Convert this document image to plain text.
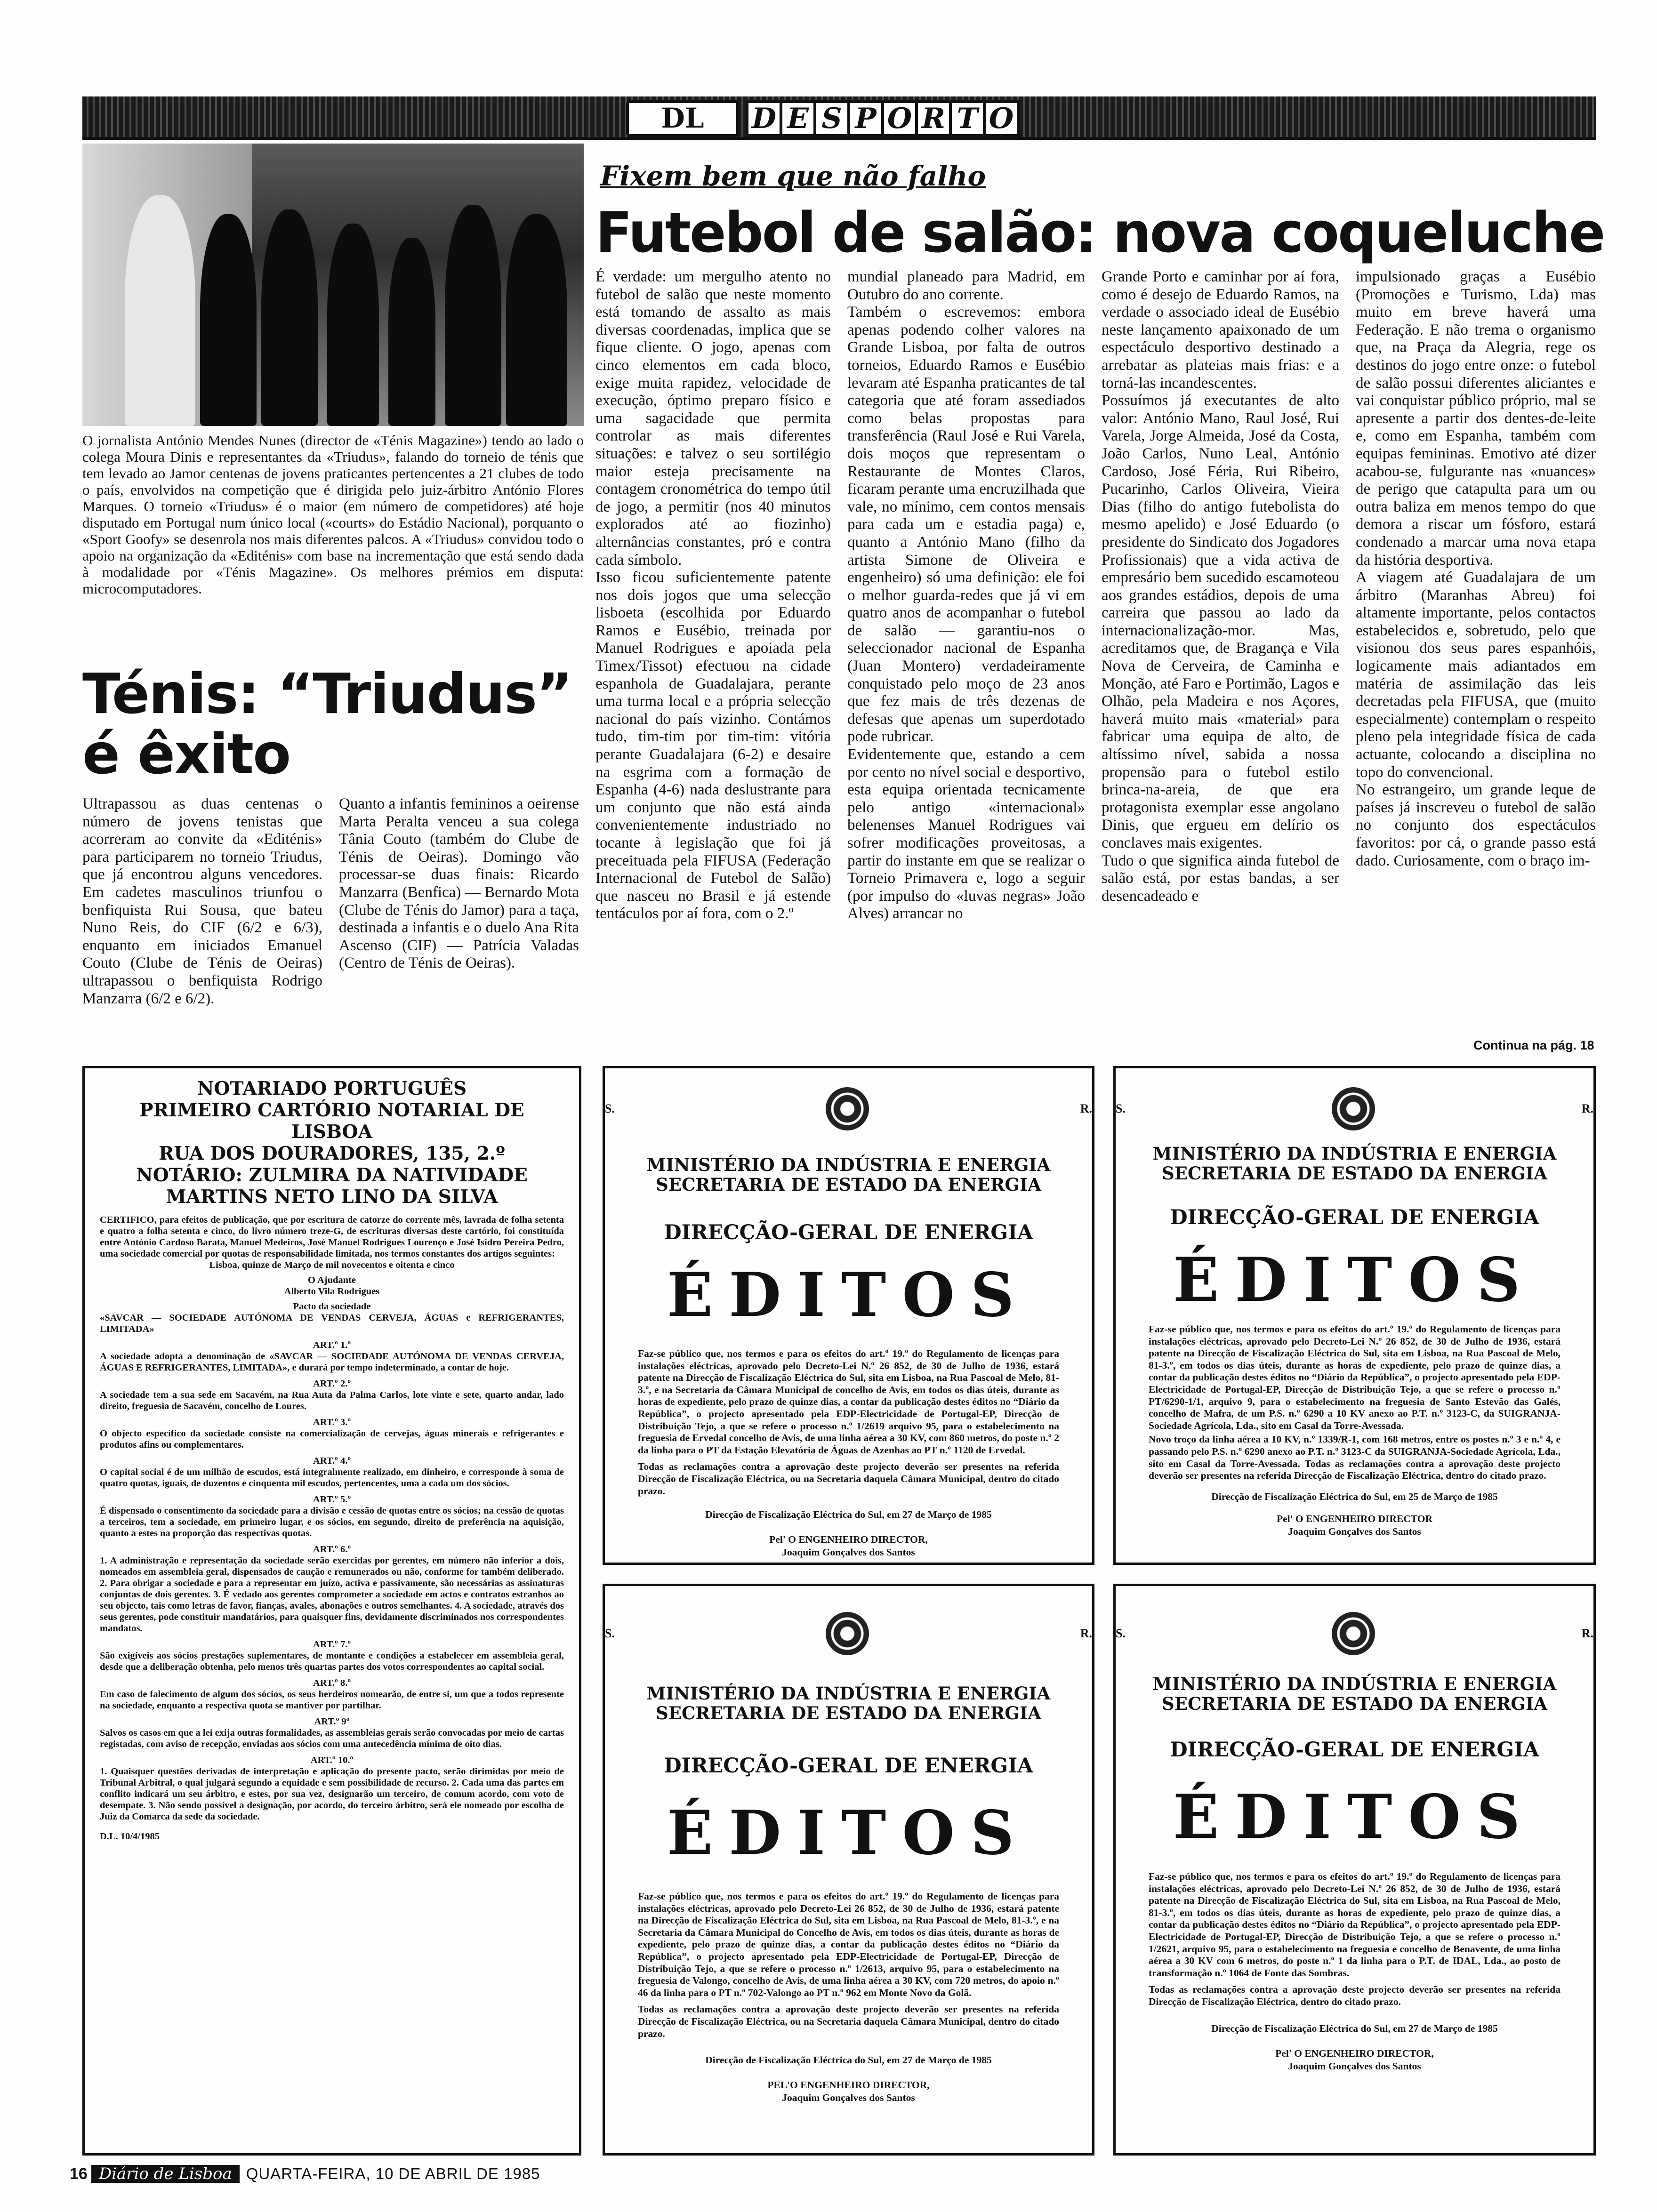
DL	D E S P O R T O
O jornalista António Mendes Nunes (director de «Ténis Magazine») tendo ao lado o colega Moura Dinis e representantes da «Triudus», falando do torneio de ténis que tem levado ao Jamor centenas de jovens praticantes pertencentes a 21 clubes de todo o país, envolvidos na competição que é dirigida pelo juiz-árbitro António Flores Marques. O torneio «Triudus» é o maior (em número de competidores) até hoje disputado em Portugal num único local («courts» do Estádio Nacional), porquanto o «Sport Goofy» se desenrola nos mais diferentes palcos. A «Triudus» convidou todo o apoio na organização da «Editénis» com base na incrementação que está sendo dada à modalidade por «Ténis Magazine». Os melhores prémios em disputa: microcomputadores.
Ténis: “Triudus”
é êxito
Ultrapassou as duas centenas o número de jovens tenistas que acorreram ao convite da «Editénis» para participarem no torneio Triudus, que já encontrou alguns vencedores. Em cadetes masculinos triunfou o benfiquista Rui Sousa, que bateu Nuno Reis, do CIF (6/2 e 6/3), enquanto em iniciados Emanuel Couto (Clube de Ténis de Oeiras) ultrapassou o benfiquista Rodrigo Manzarra (6/2 e 6/2).
Quanto a infantis femininos a oeirense Marta Peralta venceu a sua colega Tânia Couto (também do Clube de Ténis de Oeiras). Domingo vão processar-se duas finais: Ricardo Manzarra (Benfica) — Bernardo Mota (Clube de Ténis do Jamor) para a taça, destinada a infantis e o duelo Ana Rita Ascenso (CIF) — Patrícia Valadas (Centro de Ténis de Oeiras).
Fixem bem que não falho
Futebol de salão: nova coqueluche
É verdade: um mergulho atento no futebol de salão que neste momento está tomando de assalto as mais diversas coordenadas, implica que se fique cliente. O jogo, apenas com cinco elementos em cada bloco, exige muita rapidez, velocidade de execução, óptimo preparo físico e uma sagacidade que permita controlar as mais diferentes situações: e talvez o seu sortilégio maior esteja precisamente na contagem cronométrica do tempo útil de jogo, a permitir (nos 40 minutos explorados até ao fiozinho) alternâncias constantes, pró e contra cada símbolo.
Isso ficou suficientemente patente nos dois jogos que uma selecção lisboeta (escolhida por Eduardo Ramos e Eusébio, treinada por Manuel Rodrigues e apoiada pela Timex/Tissot) efectuou na cidade espanhola de Guadalajara, perante uma turma local e a própria selecção nacional do país vizinho. Contámos tudo, tim-tim por tim-tim: vitória perante Guadalajara (6-2) e desaire na esgrima com a formação de Espanha (4-6) nada deslustrante para um conjunto que não está ainda convenientemente industriado no tocante à legislação que foi já preceituada pela FIFUSA (Federação Internacional de Futebol de Salão) que nasceu no Brasil e já estende tentáculos por aí fora, com o 2.º
mundial planeado para Madrid, em Outubro do ano corrente.
Também o escrevemos: embora apenas podendo colher valores na Grande Lisboa, por falta de outros torneios, Eduardo Ramos e Eusébio levaram até Espanha praticantes de tal categoria que até foram assediados como belas propostas para transferência (Raul José e Rui Varela, dois moços que representam o Restaurante de Montes Claros, ficaram perante uma encruzilhada que vale, no mínimo, cem contos mensais para cada um e estadia paga) e, quanto a António Mano (filho da artista Simone de Oliveira e engenheiro) só uma definição: ele foi o melhor guarda-redes que já vi em quatro anos de acompanhar o futebol de salão — garantiu-nos o seleccionador nacional de Espanha (Juan Montero) verdadeiramente conquistado pelo moço de 23 anos que fez mais de três dezenas de defesas que apenas um superdotado pode rubricar.
Evidentemente que, estando a cem por cento no nível social e desportivo, esta equipa orientada tecnicamente pelo antigo «internacional» belenenses Manuel Rodrigues vai sofrer modificações proveitosas, a partir do instante em que se realizar o Torneio Primavera e, logo a seguir (por impulso do «luvas negras» João Alves) arrancar no
Grande Porto e caminhar por aí fora, como é desejo de Eduardo Ramos, na verdade o associado ideal de Eusébio neste lançamento apaixonado de um espectáculo desportivo destinado a arrebatar as plateias mais frias: e a torná-las incandescentes.
Possuímos já executantes de alto valor: António Mano, Raul José, Rui Varela, Jorge Almeida, José da Costa, João Carlos, Nuno Leal, António Cardoso, José Féria, Rui Ribeiro, Pucarinho, Carlos Oliveira, Vieira Dias (filho do antigo futebolista do mesmo apelido) e José Eduardo (o presidente do Sindicato dos Jogadores Profissionais) que a vida activa de empresário bem sucedido escamoteou aos grandes estádios, depois de uma carreira que passou ao lado da internacionalização-mor. Mas, acreditamos que, de Bragança e Vila Nova de Cerveira, de Caminha e Monção, até Faro e Portimão, Lagos e Olhão, pela Madeira e nos Açores, haverá muito mais «material» para fabricar uma equipa de alto, de altíssimo nível, sabida a nossa propensão para o futebol estilo brinca-na-areia, de que era protagonista exemplar esse angolano Dinis, que ergueu em delírio os conclaves mais exigentes.
Tudo o que significa ainda futebol de salão está, por estas bandas, a ser desencadeado e
impulsionado graças a Eusébio (Promoções e Turismo, Lda) mas muito em breve haverá uma Federação. E não trema o organismo que, na Praça da Alegria, rege os destinos do jogo entre onze: o futebol de salão possui diferentes aliciantes e vai conquistar público próprio, mal se apresente a partir dos dentes-de-leite e, como em Espanha, também com equipas femininas. Emotivo até dizer acabou-se, fulgurante nas «nuances» de perigo que catapulta para um ou outra baliza em menos tempo do que demora a riscar um fósforo, estará condenado a marcar uma nova etapa da história desportiva.
A viagem até Guadalajara de um árbitro (Maranhas Abreu) foi altamente importante, pelos contactos estabelecidos e, sobretudo, pelo que visionou dos seus pares espanhóis, logicamente mais adiantados em matéria de assimilação das leis decretadas pela FIFUSA, que (muito especialmente) contemplam o respeito pleno pela integridade física de cada actuante, colocando a disciplina no topo do convencional.
No estrangeiro, um grande leque de países já inscreveu o futebol de salão no conjunto dos espectáculos favoritos: por cá, o grande passo está dado. Curiosamente, com o braço im-
Continua na pág. 18
NOTARIADO PORTUGUÊS
PRIMEIRO CARTÓRIO NOTARIAL DE LISBOA
RUA DOS DOURADORES, 135, 2.º
NOTÁRIO: ZULMIRA DA NATIVIDADE
MARTINS NETO LINO DA SILVA
CERTIFICO, para efeitos de publicação, que por escritura de catorze do corrente mês, lavrada de folha setenta e quatro a folha setenta e cinco, do livro número treze-G, de escrituras diversas deste cartório, foi constituída entre António Cardoso Barata, Manuel Medeiros, José Manuel Rodrigues Lourenço e José Isidro Pereira Pedro, uma sociedade comercial por quotas de responsabilidade limitada, nos termos constantes dos artigos seguintes:
Lisboa, quinze de Março de mil novecentos e oitenta e cinco
O Ajudante
Alberto Vila Rodrigues
Pacto da sociedade
«SAVCAR — SOCIEDADE AUTÓNOMA DE VENDAS CERVEJA, ÁGUAS e REFRIGERANTES, LIMITADA»
ART.º 1.º
A sociedade adopta a denominação de «SAVCAR — SOCIEDADE AUTÓNOMA DE VENDAS CERVEJA, ÁGUAS E REFRIGERANTES, LIMITADA», e durará por tempo indeterminado, a contar de hoje.
ART.º 2.º
A sociedade tem a sua sede em Sacavém, na Rua Auta da Palma Carlos, lote vinte e sete, quarto andar, lado direito, freguesia de Sacavém, concelho de Loures.
ART.º 3.º
O objecto específico da sociedade consiste na comercialização de cervejas, águas minerais e refrigerantes e produtos afins ou complementares.
ART.º 4.º
O capital social é de um milhão de escudos, está integralmente realizado, em dinheiro, e corresponde à soma de quatro quotas, iguais, de duzentos e cinquenta mil escudos, pertencentes, uma a cada um dos sócios.
ART.º 5.º
É dispensado o consentimento da sociedade para a divisão e cessão de quotas entre os sócios; na cessão de quotas a terceiros, tem a sociedade, em primeiro lugar, e os sócios, em segundo, direito de preferência na aquisição, quanto a estes na proporção das respectivas quotas.
ART.º 6.º
1. A administração e representação da sociedade serão exercidas por gerentes, em número não inferior a dois, nomeados em assembleia geral, dispensados de caução e remunerados ou não, conforme for também deliberado. 2. Para obrigar a sociedade e para a representar em juízo, activa e passivamente, são necessárias as assinaturas conjuntas de dois gerentes. 3. É vedado aos gerentes comprometer a sociedade em actos e contratos estranhos ao seu objecto, tais como letras de favor, fianças, avales, abonações e outros semelhantes. 4. A sociedade, através dos seus gerentes, pode constituir mandatários, para quaisquer fins, devidamente discriminados nos correspondentes mandatos.
ART.º 7.º
São exigíveis aos sócios prestações suplementares, de montante e condições a estabelecer em assembleia geral, desde que a deliberação obtenha, pelo menos três quartas partes dos votos correspondentes ao capital social.
ART.º 8.º
Em caso de falecimento de algum dos sócios, os seus herdeiros nomearão, de entre si, um que a todos represente na sociedade, enquanto a respectiva quota se mantiver por partilhar.
ART.º 9º
Salvos os casos em que a lei exija outras formalidades, as assembleias gerais serão convocadas por meio de cartas registadas, com aviso de recepção, enviadas aos sócios com uma antecedência mínima de oito dias.
ART.º 10.º
1. Quaisquer questões derivadas de interpretação e aplicação do presente pacto, serão dirimidas por meio de Tribunal Arbitral, o qual julgará segundo a equidade e sem possibilidade de recurso. 2. Cada uma das partes em conflito indicará um seu árbitro, e estes, por sua vez, designarão um terceiro, de comum acordo, com voto de desempate. 3. Não sendo possível a designação, por acordo, do terceiro árbitro, será ele nomeado por escolha de Juiz da Comarca da sede da sociedade.
D.L. 10/4/1985
S.	R.
MINISTÉRIO DA INDÚSTRIA E ENERGIA
SECRETARIA DE ESTADO DA ENERGIA
DIRECÇÃO-GERAL DE ENERGIA
ÉDITOS
Faz-se público que, nos termos e para os efeitos do art.º 19.º do Regulamento de licenças para instalações eléctricas, aprovado pelo Decreto-Lei N.º 26 852, de 30 de Julho de 1936, estará patente na Direcção de Fiscalização Eléctrica do Sul, sita em Lisboa, na Rua Pascoal de Melo, 81-3.º, e na Secretaria da Câmara Municipal de concelho de Avis, em todos os dias úteis, durante as horas de expediente, pelo prazo de quinze dias, a contar da publicação destes éditos no “Diário da República”, o projecto apresentado pela EDP-Electricidade de Portugal-EP, Direcção de Distribuição Tejo, a que se refere o processo n.º 1/2619 arquivo 95, para o estabelecimento na freguesia de Ervedal concelho de Avis, de uma linha aérea a 30 KV, com 860 metros, do poste n.º 2 da linha para o PT da Estação Elevatória de Águas de Azenhas ao PT n.º 1120 de Ervedal.
Todas as reclamações contra a aprovação deste projecto deverão ser presentes na referida Direcção de Fiscalização Eléctrica, ou na Secretaria daquela Câmara Municipal, dentro do citado prazo.
Direcção de Fiscalização Eléctrica do Sul, em 27 de Março de 1985
Pel' O ENGENHEIRO DIRECTOR,
Joaquim Gonçalves dos Santos
S.	R.
MINISTÉRIO DA INDÚSTRIA E ENERGIA
SECRETARIA DE ESTADO DA ENERGIA
DIRECÇÃO-GERAL DE ENERGIA
ÉDITOS
Faz-se público que, nos termos e para os efeitos do art.º 19.º do Regulamento de licenças para instalações eléctricas, aprovado pelo Decreto-Lei N.º 26 852, de 30 de Julho de 1936, estará patente na Direcção de Fiscalização Eléctrica do Sul, sita em Lisboa, na Rua Pascoal de Melo, 81-3.º, em todos os dias úteis, durante as horas de expediente, pelo prazo de quinze dias, a contar da publicação destes éditos no “Diário da República”, o projecto apresentado pela EDP-Electricidade de Portugal-EP, Direcção de Distribuição Tejo, a que se refere o processo n.º PT/6290-1/1, arquivo 9, para o estabelecimento na freguesia de Santo Estevão das Galés, concelho de Mafra, de um P.S. n.º 6290 a 10 KV anexo ao P.T. n.º 3123-C, da SUIGRANJA-Sociedade Agrícola, Lda., sito em Casal da Torre-Avessada.
Novo troço da linha aérea a 10 KV, n.º 1339/R-1, com 168 metros, entre os postes n.º 3 e n.º 4, e passando pelo P.S. n.º 6290 anexo ao P.T. n.º 3123-C da SUIGRANJA-Sociedade Agrícola, Lda., sito em Casal da Torre-Avessada. Todas as reclamações contra a aprovação deste projecto deverão ser presentes na referida Direcção de Fiscalização Eléctrica, dentro do citado prazo.
Direcção de Fiscalização Eléctrica do Sul, em 25 de Março de 1985
Pel' O ENGENHEIRO DIRECTOR
Joaquim Gonçalves dos Santos
S.	R.
MINISTÉRIO DA INDÚSTRIA E ENERGIA
SECRETARIA DE ESTADO DA ENERGIA
DIRECÇÃO-GERAL DE ENERGIA
ÉDITOS
Faz-se público que, nos termos e para os efeitos do art.º 19.º do Regulamento de licenças para instalações eléctricas, aprovado pelo Decreto-Lei 26 852, de 30 de Julho de 1936, estará patente na Direcção de Fiscalização Eléctrica do Sul, sita em Lisboa, na Rua Pascoal de Melo, 81-3.º, e na Secretaria da Câmara Municipal do Concelho de Avis, em todos os dias úteis, durante as horas de expediente, pelo prazo de quinze dias, a contar da publicação destes éditos no “Diário da República”, o projecto apresentado pela EDP-Electricidade de Portugal-EP, Direcção de Distribuição Tejo, a que se refere o processo n.º 1/2613, arquivo 95, para o estabelecimento na freguesia de Valongo, concelho de Avis, de uma linha aérea a 30 KV, com 720 metros, do apoio n.º 46 da linha para o PT n.º 702-Valongo ao PT n.º 962 em Monte Novo da Golã.
Todas as reclamações contra a aprovação deste projecto deverão ser presentes na referida Direcção de Fiscalização Eléctrica, ou na Secretaria daquela Câmara Municipal, dentro do citado prazo.
Direcção de Fiscalização Eléctrica do Sul, em 27 de Março de 1985
PEL'O ENGENHEIRO DIRECTOR,
Joaquim Gonçalves dos Santos
S.	R.
MINISTÉRIO DA INDÚSTRIA E ENERGIA
SECRETARIA DE ESTADO DA ENERGIA
DIRECÇÃO-GERAL DE ENERGIA
ÉDITOS
Faz-se público que, nos termos e para os efeitos do art.º 19.º do Regulamento de licenças para instalações eléctricas, aprovado pelo Decreto-Lei N.º 26 852, de 30 de Julho de 1936, estará patente na Direcção de Fiscalização Eléctrica do Sul, sita em Lisboa, na Rua Pascoal de Melo, 81-3.º, em todos os dias úteis, durante as horas de expediente, pelo prazo de quinze dias, a contar da publicação destes éditos no “Diário da República”, o projecto apresentado pela EDP-Electricidade de Portugal-EP, Direcção de Distribuição Tejo, a que se refere o processo n.º 1/2621, arquivo 95, para o estabelecimento na freguesia e concelho de Benavente, de uma linha aérea a 30 KV com 6 metros, do poste n.º 1 da linha para o P.T. de IDAL, Lda., ao posto de transformação n.º 1064 de Fonte das Sombras.
Todas as reclamações contra a aprovação deste projecto deverão ser presentes na referida Direcção de Fiscalização Eléctrica, dentro do citado prazo.
Direcção de Fiscalização Eléctrica do Sul, em 27 de Março de 1985
Pel' O ENGENHEIRO DIRECTOR,
Joaquim Gonçalves dos Santos
16 Diário de Lisboa QUARTA-FEIRA, 10 DE ABRIL DE 1985
